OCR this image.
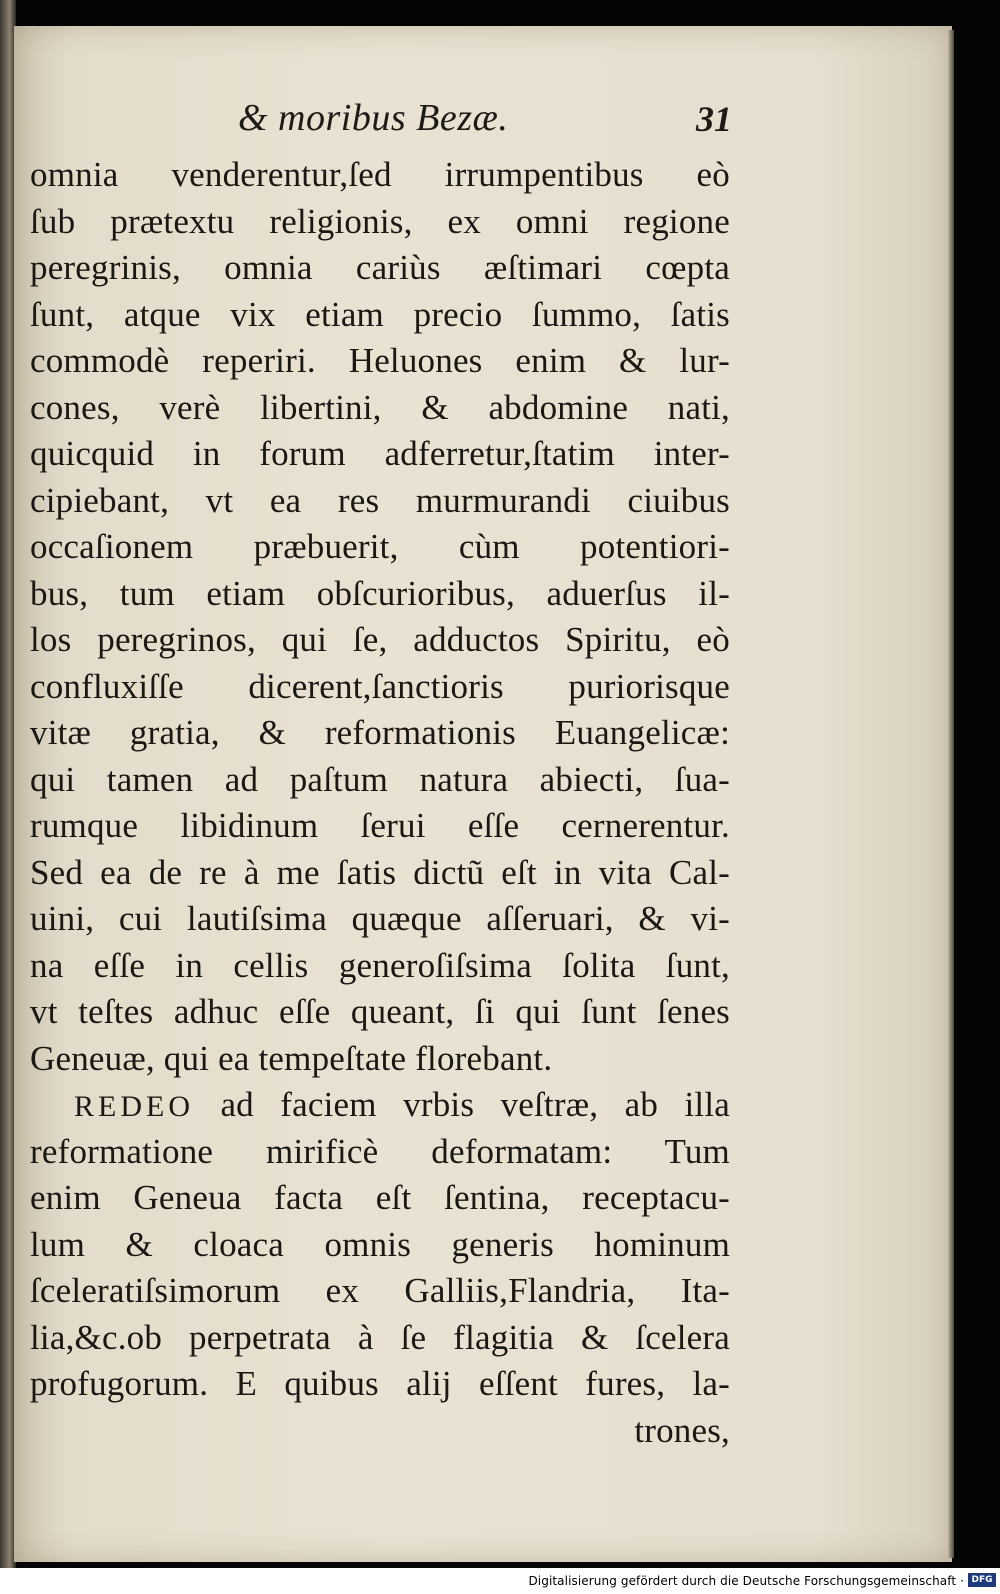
& moribus Bezæ.	31
omnia venderentur,ſed irrumpentibus eò
ſub prætextu religionis, ex omni regione
peregrinis, omnia cariùs æſtimari cœpta
ſunt, atque vix etiam precio ſummo, ſatis
commodè reperiri. Heluones enim & lur-
cones, verè libertini, & abdomine nati,
quicquid in forum adferretur,ſtatim inter-
cipiebant, vt ea res murmurandi ciuibus
occaſionem præbuerit, cùm potentiori-
bus, tum etiam obſcurioribus, aduerſus il-
los peregrinos, qui ſe, adductos Spiritu, eò
confluxiſſe dicerent,ſanctioris puriorisque
vitæ gratia, & reformationis Euangelicæ:
qui tamen ad paſtum natura abiecti, ſua-
rumque libidinum ſerui eſſe cernerentur.
Sed ea de re à me ſatis dictũ eſt in vita Cal-
uini, cui lautiſsima quæque aſſeruari, & vi-
na eſſe in cellis generoſiſsima ſolita ſunt,
vt teſtes adhuc eſſe queant, ſi qui ſunt ſenes
Geneuæ, qui ea tempeſtate florebant.
REDEO ad faciem vrbis veſtræ, ab illa
reformatione mirificè deformatam: Tum
enim Geneua facta eſt ſentina, receptacu-
lum & cloaca omnis generis hominum
ſceleratiſsimorum ex Galliis,Flandria, Ita-
lia,&c.ob perpetrata à ſe flagitia & ſcelera
profugorum. E quibus alij eſſent fures, la-
trones,
Digitalisierung gefördert durch die Deutsche Forschungsgemeinschaft · DFG
